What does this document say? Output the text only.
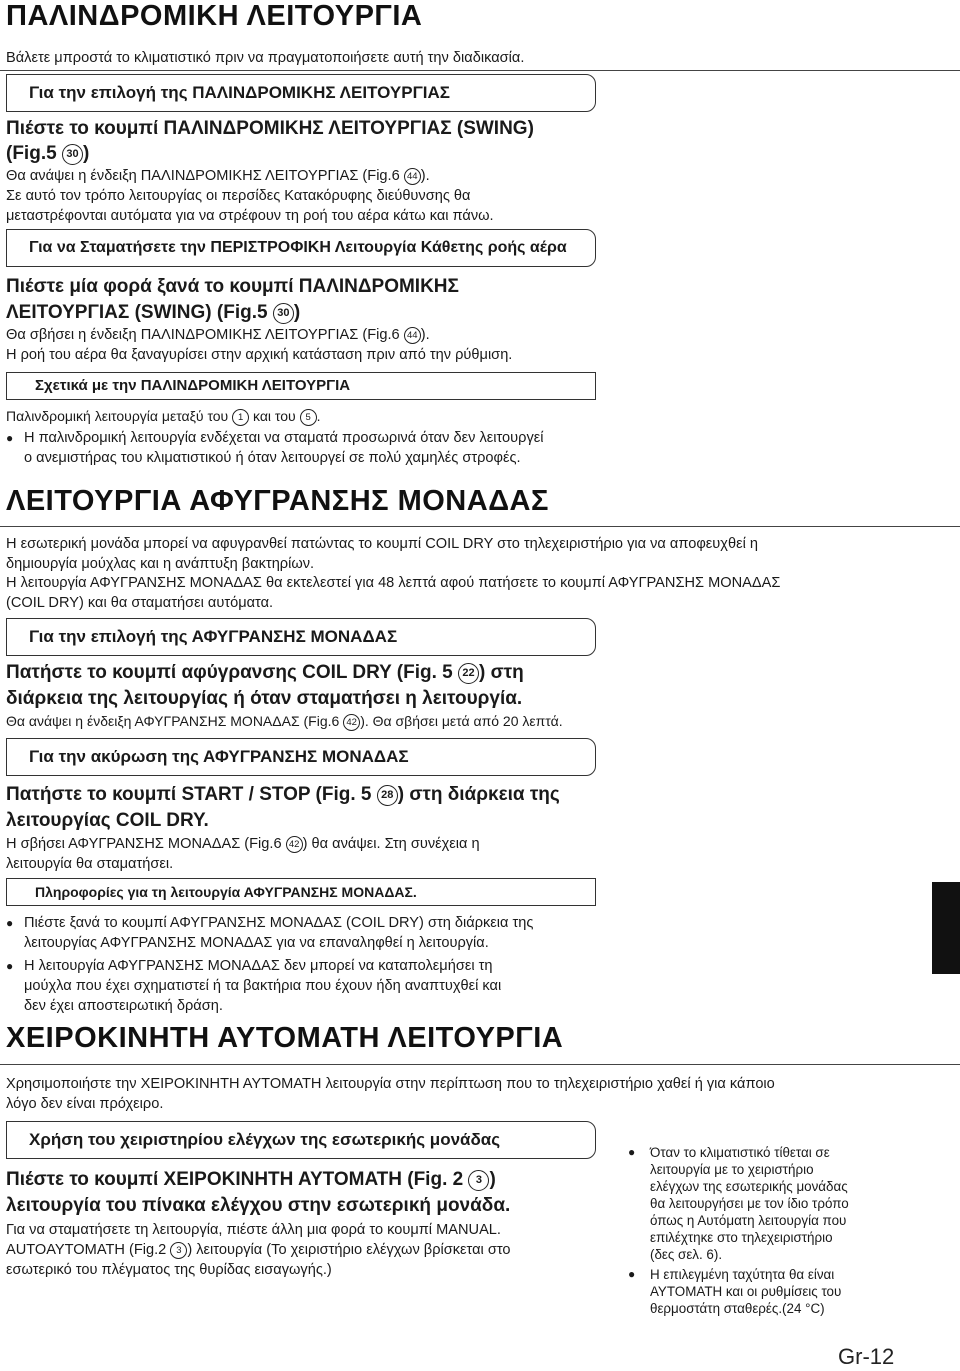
ΠΑΛΙΝΔΡΟΜΙΚΗ ΛΕΙΤΟΥΡΓΙΑ

Βάλετε μπροστά το κλιματιστικό πριν να πραγματοποιήσετε αυτή την διαδικασία.

Για την επιλογή της ΠΑΛΙΝΔΡΟΜΙΚΗΣ ΛΕΙΤΟΥΡΓΙΑΣ

Πιέστε το κουμπί ΠΑΛΙΝΔΡΟΜΙΚΗΣ ΛΕΙΤΟΥΡΓΙΑΣ (SWING)

(Fig.5 30 )

Θα ανάψει η ένδειξη ΠΑΛΙΝΔΡΟΜΙΚΗΣ ΛΕΙΤΟΥΡΓΙΑΣ (Fig.6 44 ).

Σε αυτό τον τρόπο λειτουργίας οι περσίδες Κατακόρυφης διεύθυνσης θα

μεταστρέφονται αυτόματα για να στρέφουν τη ροή του αέρα κάτω και πάνω.

Για να Σταματήσετε την ΠΕΡΙΣΤΡΟΦΙΚΗ Λειτουργία Κάθετης ροής αέρα

Πιέστε μία φορά ξανά το κουμπί ΠΑΛΙΝΔΡΟΜΙΚΗΣ

ΛΕΙΤΟΥΡΓΙΑΣ (SWING) (Fig.5 30 )

Θα σβήσει η ένδειξη ΠΑΛΙΝΔΡΟΜΙΚΗΣ ΛΕΙΤΟΥΡΓΙΑΣ (Fig.6 44 ).

Η ροή του αέρα θα ξαναγυρίσει στην αρχική κατάσταση πριν από την ρύθμιση.

Σχετικά με την ΠΑΛΙΝΔΡΟΜΙΚΗ ΛΕΙΤΟΥΡΓΙΑ

Παλινδρομική λειτουργία μεταξύ του 1 και του 5 .

● Η παλινδρομική λειτουργία ενδέχεται να σταματά προσωρινά όταν δεν λειτουργεί

ο ανεμιστήρας του κλιματιστικού ή όταν λειτουργεί σε πολύ χαμηλές στροφές.

ΛΕΙΤΟΥΡΓΙΑ ΑΦΥΓΡΑΝΣΗΣ ΜΟΝΑΔΑΣ

Η εσωτερική μονάδα μπορεί να αφυγρανθεί πατώντας το κουμπί COIL DRY στο τηλεχειριστήριο για να αποφευχθεί η

δημιουργία μούχλας και η ανάπτυξη βακτηρίων.

Η λειτουργία ΑΦΥΓΡΑΝΣΗΣ ΜΟΝΑΔΑΣ θα εκτελεστεί για 48 λεπτά αφού πατήσετε το κουμπί ΑΦΥΓΡΑΝΣΗΣ ΜΟΝΑΔΑΣ

(COIL DRY) και θα σταματήσει αυτόματα.

Για την επιλογή της ΑΦΥΓΡΑΝΣΗΣ ΜΟΝΑΔΑΣ

Πατήστε το κουμπί αφύγρανσης COIL DRY (Fig. 5 22 ) στη

διάρκεια της λειτουργίας ή όταν σταματήσει η λειτουργία.

Θα ανάψει η ένδειξη ΑΦΥΓΡΑΝΣΗΣ ΜΟΝΑΔΑΣ (Fig.6 42 ). Θα σβήσει μετά από 20 λεπτά.

Για την ακύρωση της ΑΦΥΓΡΑΝΣΗΣ ΜΟΝΑΔΑΣ

Πατήστε το κουμπί START / STOP (Fig. 5 28 ) στη διάρκεια της

λειτουργίας COIL DRY.

Η σβήσει ΑΦΥΓΡΑΝΣΗΣ ΜΟΝΑΔΑΣ (Fig.6 42 ) θα ανάψει. Στη συνέχεια η

λειτουργία θα σταματήσει.

Πληροφορίες για τη λειτουργία ΑΦΥΓΡΑΝΣΗΣ ΜΟΝΑΔΑΣ.
● Πιέστε ξανά το κουμπί ΑΦΥΓΡΑΝΣΗΣ ΜΟΝΑΔΑΣ (COIL DRY) στη διάρκεια της

λειτουργίας ΑΦΥΓΡΑΝΣΗΣ ΜΟΝΑΔΑΣ για να επαναληφθεί η λειτουργία.

● Η λειτουργία ΑΦΥΓΡΑΝΣΗΣ ΜΟΝΑΔΑΣ δεν μπορεί να καταπολεμήσει τη

μούχλα που έχει σχηματιστεί ή τα βακτήρια που έχουν ήδη αναπτυχθεί και

δεν έχει αποστειρωτική δράση.

ΧΕΙΡΟΚΙΝΗΤΗ ΑΥΤΟΜΑΤΗ ΛΕΙΤΟΥΡΓΙΑ

Χρησιμοποιήστε την ΧΕΙΡΟΚΙΝΗΤΗ ΑΥΤΟΜΑΤΗ λειτουργία στην περίπτωση που το τηλεχειριστήριο χαθεί ή για κάποιο

λόγο δεν είναι πρόχειρο.

Χρήση του χειριστηρίου ελέγχων της εσωτερικής μονάδας

Πιέστε το κουμπί ΧΕΙΡΟΚΙΝΗΤΗ ΑΥΤΟΜΑΤΗ (Fig. 2 3 )

λειτουργία του πίνακα ελέγχου στην εσωτερική μονάδα.

Για να σταματήσετε τη λειτουργία, πιέστε άλλη μια φορά το κουμπί MANUAL.

AUTOΑΥΤΟΜΑΤΗ (Fig.2 3 ) λειτουργία (Το χειριστήριο ελέγχων βρίσκεται στο

εσωτερικό του πλέγματος της θυρίδας εισαγωγής.)

● Όταν το κλιματιστικό τίθεται σε
λειτουργία με το χειριστήριο
ελέγχων της εσωτερικής μονάδας
θα λειτουργήσει με τον ίδιο τρόπο
όπως η Αυτόματη λειτουργία που
επιλέχτηκε στο τηλεχειριστήριο
(δες σελ. 6).
● Η επιλεγμένη ταχύτητα θα είναι
ΑΥΤΟΜΑΤΗ και οι ρυθμίσεις του
θερμοστάτη σταθερές.(24 °C)
Gr-12
